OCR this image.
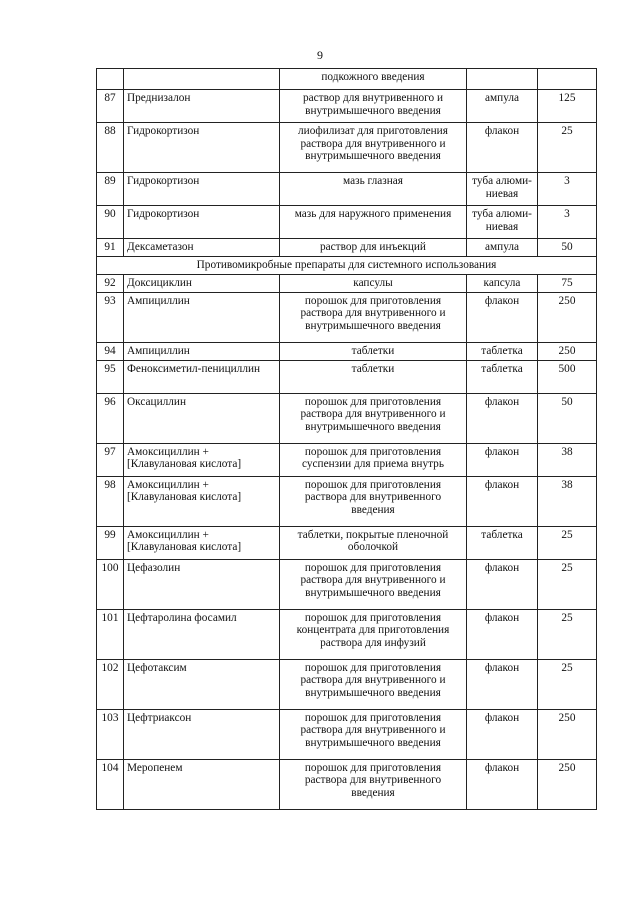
9
		подкожного введения		
87	Преднизалон	раствор для внутривенного и внутримышечного введения	ампула	125
88	Гидрокортизон	лиофилизат для приготовления раствора для внутривенного и внутримышечного введения	флакон	25
89	Гидрокортизон	мазь глазная	туба алюми-ниевая	3
90	Гидрокортизон	мазь для наружного применения	туба алюми-ниевая	3
91	Дексаметазон	раствор для инъекций	ампула	50
Противомикробные препараты для системного использования				
92	Доксициклин	капсулы	капсула	75
93	Ампициллин	порошок для приготовления раствора для внутривенного и внутримышечного введения	флакон	250
94	Ампициллин	таблетки	таблетка	250
95	Феноксиметил-пенициллин	таблетки	таблетка	500
96	Оксациллин	порошок для приготовления раствора для внутривенного и внутримышечного введения	флакон	50
97	Амоксициллин + [Клавулановая кислота]	порошок для приготовления суспензии для приема внутрь	флакон	38
98	Амоксициллин + [Клавулановая кислота]	порошок для приготовления раствора для внутривенного введения	флакон	38
99	Амоксициллин + [Клавулановая кислота]	таблетки, покрытые пленочной оболочкой	таблетка	25
100	Цефазолин	порошок для приготовления раствора для внутривенного и внутримышечного введения	флакон	25
101	Цефтаролина фосамил	порошок для приготовления концентрата для приготовления раствора для инфузий	флакон	25
102	Цефотаксим	порошок для приготовления раствора для внутривенного и внутримышечного введения	флакон	25
103	Цефтриаксон	порошок для приготовления раствора для внутривенного и внутримышечного введения	флакон	250
104	Меропенем	порошок для приготовления раствора для внутривенного введения	флакон	250
